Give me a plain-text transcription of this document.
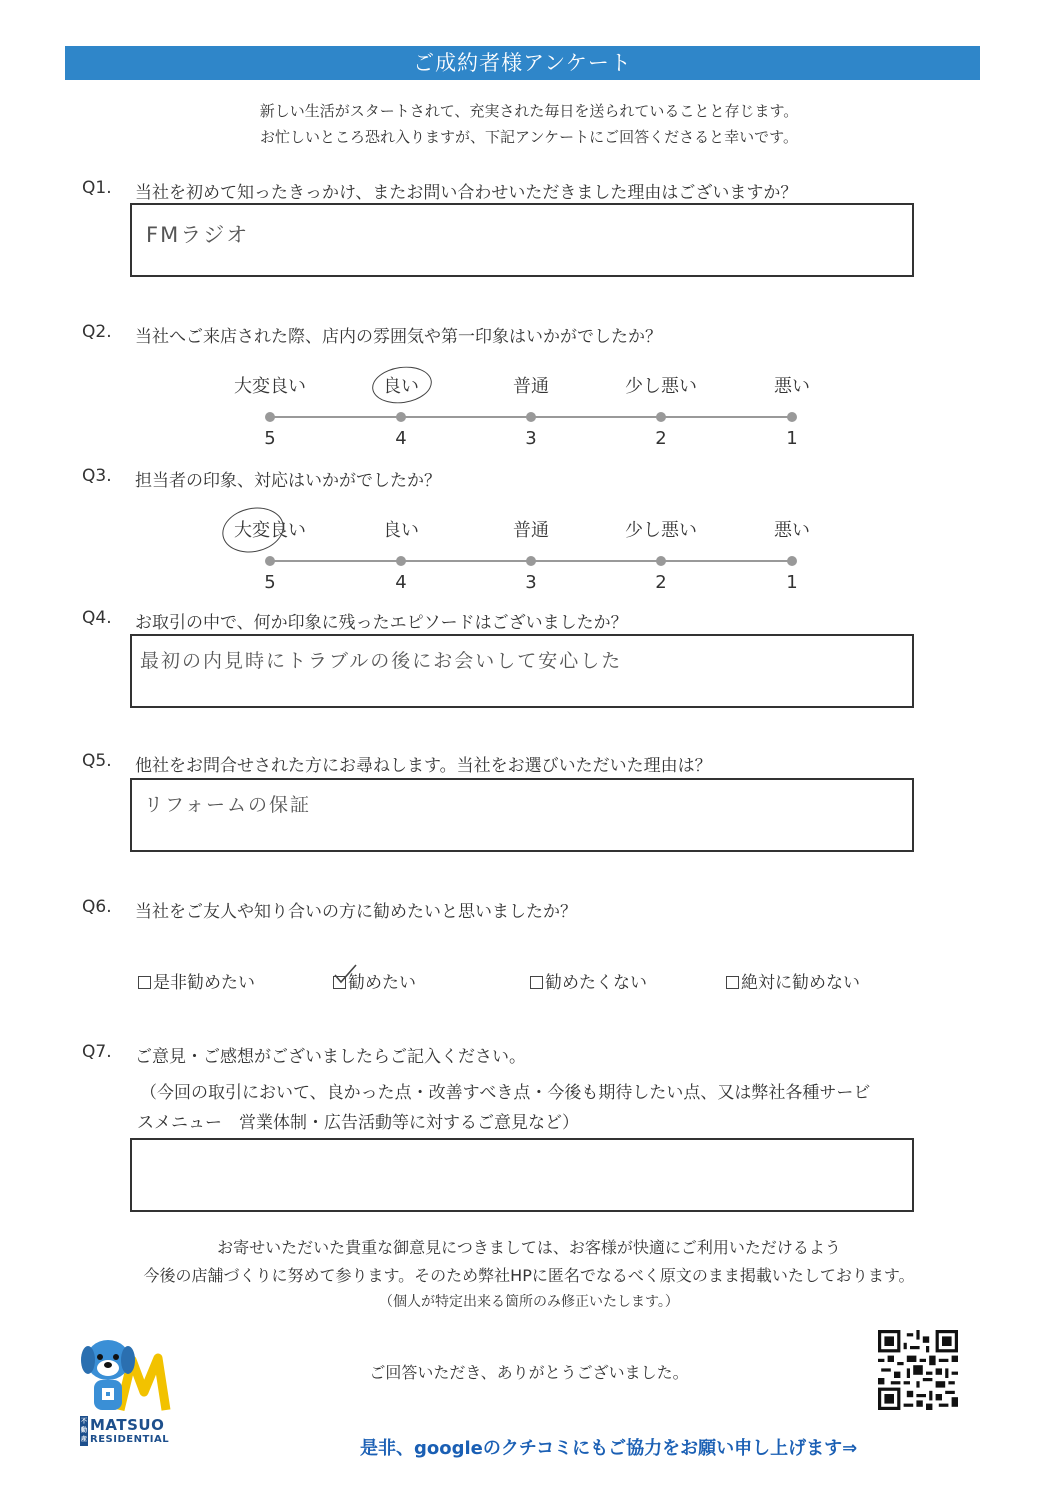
ご成約者様アンケート
新しい生活がスタートされて、充実された毎日を送られていることと存じます。
お忙しいところ恐れ入りますが、下記アンケートにご回答くださると幸いです。
Q1. 当社を初めて知ったきっかけ、またお問い合わせいただきました理由はございますか？
FMラジオ
Q2. 当社へご来店された際、店内の雰囲気や第一印象はいかがでしたか？
大変良い	良い	普通	少し悪い	悪い
5	4	3	2	1
Q3. 担当者の印象、対応はいかがでしたか？
大変良い	良い	普通	少し悪い	悪い
5	4	3	2	1
Q4. お取引の中で、何か印象に残ったエピソードはございましたか？
最初の内見時にトラブルの後にお会いして安心した
Q5. 他社をお問合せされた方にお尋ねします。当社をお選びいただいた理由は？
リフォームの保証
Q6. 当社をご友人や知り合いの方に勧めたいと思いましたか？
是非勧めたい	勧めたい	勧めたくない	絶対に勧めない
Q7. ご意見・ご感想がございましたらご記入ください。
（今回の取引において、良かった点・改善すべき点・今後も期待したい点、又は弊社各種サービ
スメニュー　営業体制・広告活動等に対するご意見など）
お寄せいただいた貴重な御意見につきましては、お客様が快適にご利用いただけるよう
今後の店舗づくりに努めて参ります。そのため弊社HPに匿名でなるべく原文のまま掲載いたしております。
（個人が特定出来る箇所のみ修正いたします。）
ご回答いただき、ありがとうございました。
是非、googleのクチコミにもご協力をお願い申し上げます⇒
不動産
MATSUO
RESIDENTIAL
